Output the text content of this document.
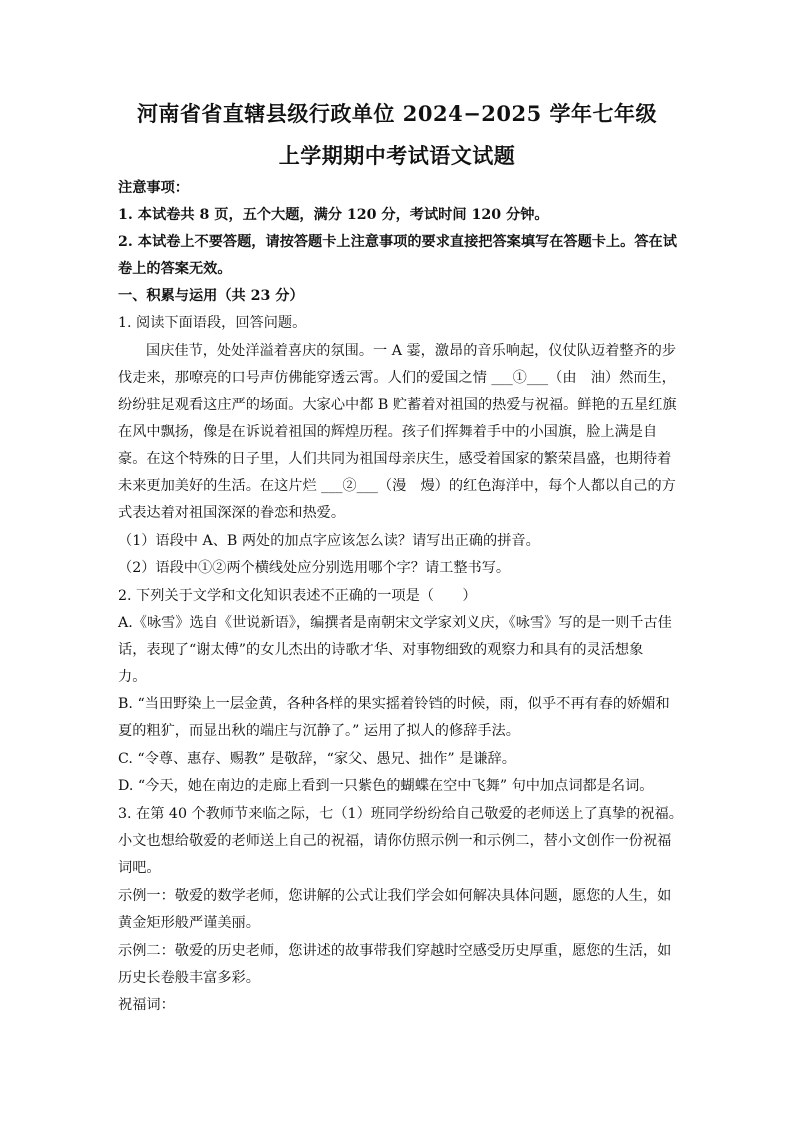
河南省省直辖县级行政单位 2024−2025 学年七年级
上学期期中考试语文试题
注意事项：
1. 本试卷共 8 页，五个大题，满分 120 分，考试时间 120 分钟。
2. 本试卷上不要答题，请按答题卡上注意事项的要求直接把答案填写在答题卡上。答在试
卷上的答案无效。
一、积累与运用（共 23 分）
1. 阅读下面语段，回答问题。
国庆佳节，处处洋溢着喜庆的氛围。一 A 霎，激昂的音乐响起，仪仗队迈着整齐的步
伐走来，那嘹亮的口号声仿佛能穿透云霄。人们的爱国之情 ___①___（由　油）然而生，
纷纷驻足观看这庄严的场面。大家心中都 B 贮蓄着对祖国的热爱与祝福。鲜艳的五星红旗
在风中飘扬，像是在诉说着祖国的辉煌历程。孩子们挥舞着手中的小国旗，脸上满是自
豪。在这个特殊的日子里，人们共同为祖国母亲庆生，感受着国家的繁荣昌盛，也期待着
未来更加美好的生活。在这片烂 ___②___（漫　熳）的红色海洋中，每个人都以自己的方
式表达着对祖国深深的眷恋和热爱。
（1）语段中 A、B 两处的加点字应该怎么读？请写出正确的拼音。
（2）语段中①②两个横线处应分别选用哪个字？请工整书写。
2. 下列关于文学和文化知识表述不正确的一项是（　　）
A.《咏雪》选自《世说新语》，编撰者是南朝宋文学家刘义庆，《咏雪》写的是一则千古佳
话，表现了“谢太傅”的女儿杰出的诗歌才华、对事物细致的观察力和具有的灵活想象
力。
B. “当田野染上一层金黄，各种各样的果实摇着铃铛的时候，雨，似乎不再有春的娇媚和
夏的粗犷，而显出秋的端庄与沉静了。” 运用了拟人的修辞手法。
C. “令尊、惠存、赐教” 是敬辞，“家父、愚兄、拙作” 是谦辞。
D. “今天，她在南边的走廊上看到一只紫色的蝴蝶在空中飞舞” 句中加点词都是名词。
3. 在第 40 个教师节来临之际，七（1）班同学纷纷给自己敬爱的老师送上了真挚的祝福。
小文也想给敬爱的老师送上自己的祝福，请你仿照示例一和示例二，替小文创作一份祝福
词吧。
示例一：敬爱的数学老师，您讲解的公式让我们学会如何解决具体问题，愿您的人生，如
黄金矩形般严谨美丽。
示例二：敬爱的历史老师，您讲述的故事带我们穿越时空感受历史厚重，愿您的生活，如
历史长卷般丰富多彩。
祝福词：
